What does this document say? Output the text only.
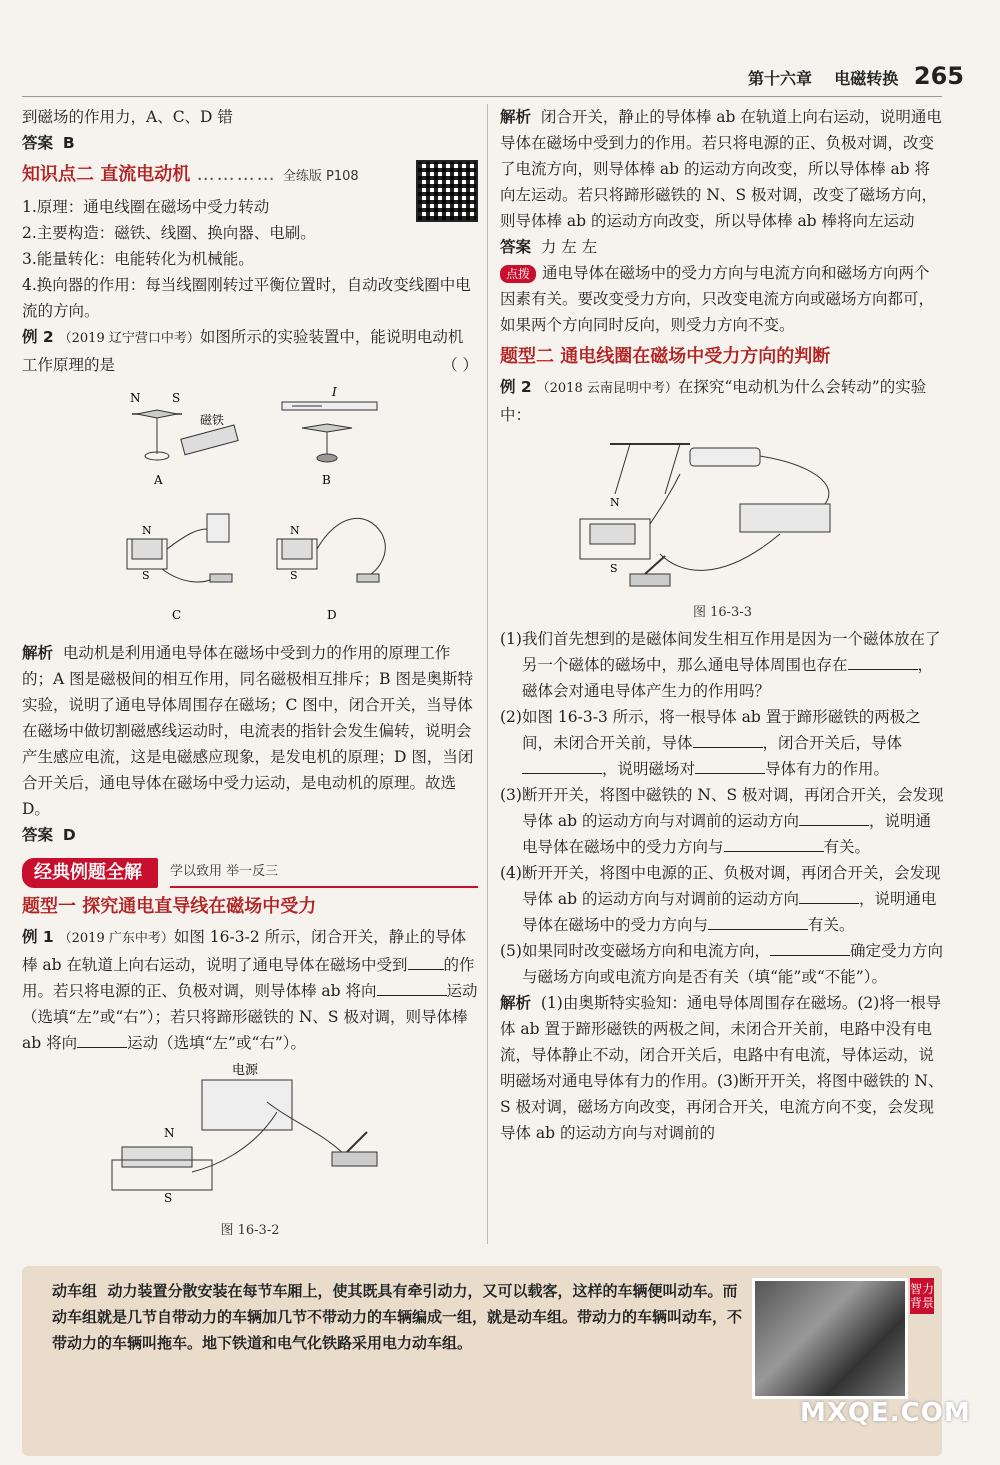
第十六章 电磁转换 265

到磁场的作用力，A、C、D 错

答案 B

知识点二 直流电动机 ………… 全练版 P108

1.原理：通电线圈在磁场中受力转动

2.主要构造：磁铁、线圈、换向器、电刷。

3.能量转化：电能转化为机械能。

4.换向器的作用：每当线圈刚转过平衡位置时，自动改变线圈中电流的方向。

例 2 （2019 辽宁营口中考）如图所示的实验装置中，能说明电动机工作原理的是	（ ）

N	S
磁铁
A
I
B
N
S
C
N
S
D

解析 电动机是利用通电导体在磁场中受到力的作用的原理工作的；A 图是磁极间的相互作用，同名磁极相互排斥；B 图是奥斯特实验，说明了通电导体周围存在磁场；C 图中，闭合开关，当导体在磁场中做切割磁感线运动时，电流表的指针会发生偏转，说明会产生感应电流，这是电磁感应现象，是发电机的原理；D 图，当闭合开关后，通电导体在磁场中受力运动，是电动机的原理。故选 D。

答案 D

经典例题全解	学以致用 举一反三
题型一 探究通电直导线在磁场中受力

例 1 （2019 广东中考）如图 16-3-2 所示，闭合开关，静止的导体棒 ab 在轨道上向右运动，说明了通电导体在磁场中受到 的作用。若只将电源的正、负极对调，则导体棒 ab 将向	运动（选填“左”或“右”）；若只将蹄形磁铁的 N、S 极对调，则导体棒 ab 将向	运动（选填“左”或“右”）。

电源
N
S
图 16-3-2

解析 闭合开关，静止的导体棒 ab 在轨道上向右运动，说明通电导体在磁场中受到力的作用。若只将电源的正、负极对调，改变了电流方向，则导体棒 ab 的运动方向改变，所以导体棒 ab 将向左运动。若只将蹄形磁铁的 N、S 极对调，改变了磁场方向，则导体棒 ab 的运动方向改变，所以导体棒 ab 棒将向左运动

答案 力 左 左

点拨 通电导体在磁场中的受力方向与电流方向和磁场方向两个因素有关。要改变受力方向，只改变电流方向或磁场方向都可，如果两个方向同时反向，则受力方向不变。

题型二 通电线圈在磁场中受力方向的判断

例 2 （2018 云南昆明中考）在探究“电动机为什么会转动”的实验中：

N
S
图 16-3-3

(1)我们首先想到的是磁体间发生相互作用是因为一个磁体放在了另一个磁体的磁场中，那么通电导体周围也存在	，磁体会对通电导体产生力的作用吗？

(2)如图 16-3-3 所示，将一根导体 ab 置于蹄形磁铁的两极之间，未闭合开关前，导体	，闭合开关后，导体，说明磁场对	导体有力的作用。

(3)断开开关，将图中磁铁的 N、S 极对调，再闭合开关，会发现导体 ab 的运动方向与对调前的运动方向	，说明通电导体在磁场中的受力方向与	有关。

(4)断开开关，将图中电源的正、负极对调，再闭合开关，会发现导体 ab 的运动方向与对调前的运动方向	，说明通电导体在磁场中的受力方向与	有关。

(5)如果同时改变磁场方向和电流方向，	确定受力方向与磁场方向或电流方向是否有关（填“能”或“不能”）。

解析 (1)由奥斯特实验知：通电导体周围存在磁场。(2)将一根导体 ab 置于蹄形磁铁的两极之间，未闭合开关前，电路中没有电流，导体静止不动，闭合开关后，电路中有电流，导体运动，说明磁场对通电导体有力的作用。(3)断开开关，将图中磁铁的 N、S 极对调，磁场方向改变，再闭合开关，电流方向不变，会发现导体 ab 的运动方向与对调前的

动车组 动力装置分散安装在每节车厢上，使其既具有牵引动力，又可以载客，这样的车辆便叫动车。而动车组就是几节自带动力的车辆加几节不带动力的车辆编成一组，就是动车组。带动力的车辆叫动车，不带动力的车辆叫拖车。地下铁道和电气化铁路采用电力动车组。
智力背景
MXQE.COM
